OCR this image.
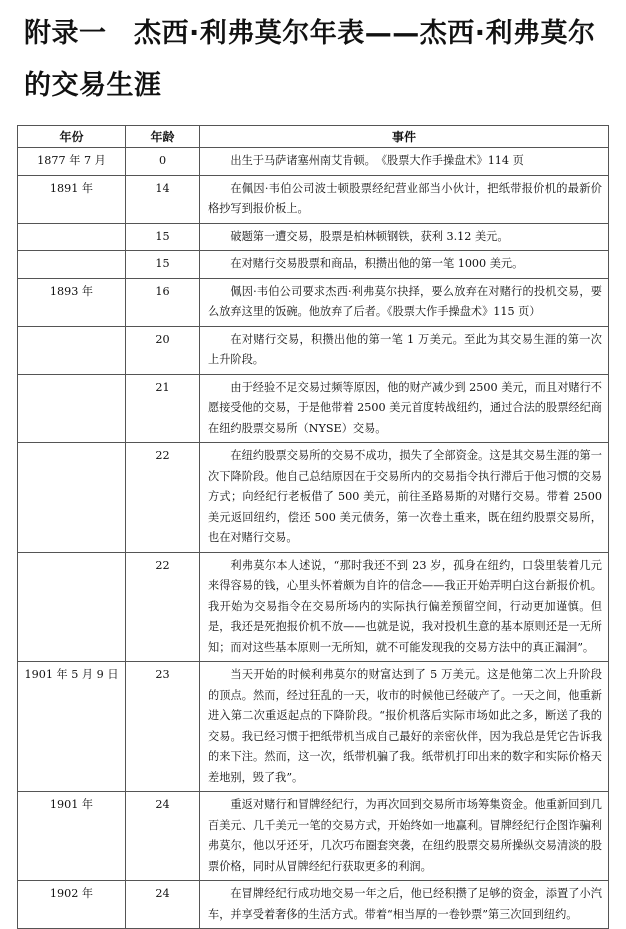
附录一　杰西·利弗莫尔年表——杰西·利弗莫尔的交易生涯
年份	年龄	事件
1877 年 7 月	0	出生于马萨诸塞州南艾肯顿。　《股票大作手操盘术》114 页
1891 年	14	在佩因·韦伯公司波士顿股票经纪营业部当小伙计，把纸带报价机的最新价格抄写到报价板上。
	15	破题第一遭交易，股票是柏林顿钢铁，获利 3.12 美元。
	15	在对赌行交易股票和商品，积攒出他的第一笔 1000 美元。
1893 年	16	佩因·韦伯公司要求杰西·利弗莫尔抉择，要么放弃在对赌行的投机交易，要么放弃这里的饭碗。他放弃了后者。《股票大作手操盘术》115 页）
	20	在对赌行交易，积攒出他的第一笔 1 万美元。至此为其交易生涯的第一次上升阶段。
	21	由于经验不足交易过频等原因，他的财产减少到 2500 美元，而且对赌行不愿接受他的交易，于是他带着 2500 美元首度转战纽约，通过合法的股票经纪商在纽约股票交易所（NYSE）交易。
	22	在纽约股票交易所的交易不成功，损失了全部资金。这是其交易生涯的第一次下降阶段。他自己总结原因在于交易所内的交易指令执行滞后于他习惯的交易方式；向经纪行老板借了 500 美元，前往圣路易斯的对赌行交易。带着 2500 美元返回纽约，偿还 500 美元债务，第一次卷土重来，既在纽约股票交易所，也在对赌行交易。
	22	利弗莫尔本人述说，“那时我还不到 23 岁，孤身在纽约，口袋里装着几元来得容易的钱，心里头怀着颇为自许的信念——我正开始弄明白这台新报价机。我开始为交易指令在交易所场内的实际执行偏差预留空间，行动更加谨慎。但是，我还是死抱报价机不放——也就是说，我对投机生意的基本原则还是一无所知；而对这些基本原则一无所知，就不可能发现我的交易方法中的真正漏洞”。
1901 年 5 月 9 日	23	当天开始的时候利弗莫尔的财富达到了 5 万美元。这是他第二次上升阶段的顶点。然而，经过狂乱的一天，收市的时候他已经破产了。一天之间，他重新进入第二次重返起点的下降阶段。“报价机落后实际市场如此之多，断送了我的交易。我已经习惯于把纸带机当成自己最好的亲密伙伴，因为我总是凭它告诉我的来下注。然而，这一次，纸带机骗了我。纸带机打印出来的数字和实际价格天差地别，毁了我”。
1901 年	24	重返对赌行和冒牌经纪行，为再次回到交易所市场筹集资金。他重新回到几百美元、几千美元一笔的交易方式，开始终如一地赢利。冒牌经纪行企图诈骗利弗莫尔，他以牙还牙，几次巧布圈套突袭，在纽约股票交易所操纵交易清淡的股票价格，同时从冒牌经纪行获取更多的利润。
1902 年	24	在冒牌经纪行成功地交易一年之后，他已经积攒了足够的资金，添置了小汽车，并享受着奢侈的生活方式。带着“相当厚的一卷钞票”第三次回到纽约。
